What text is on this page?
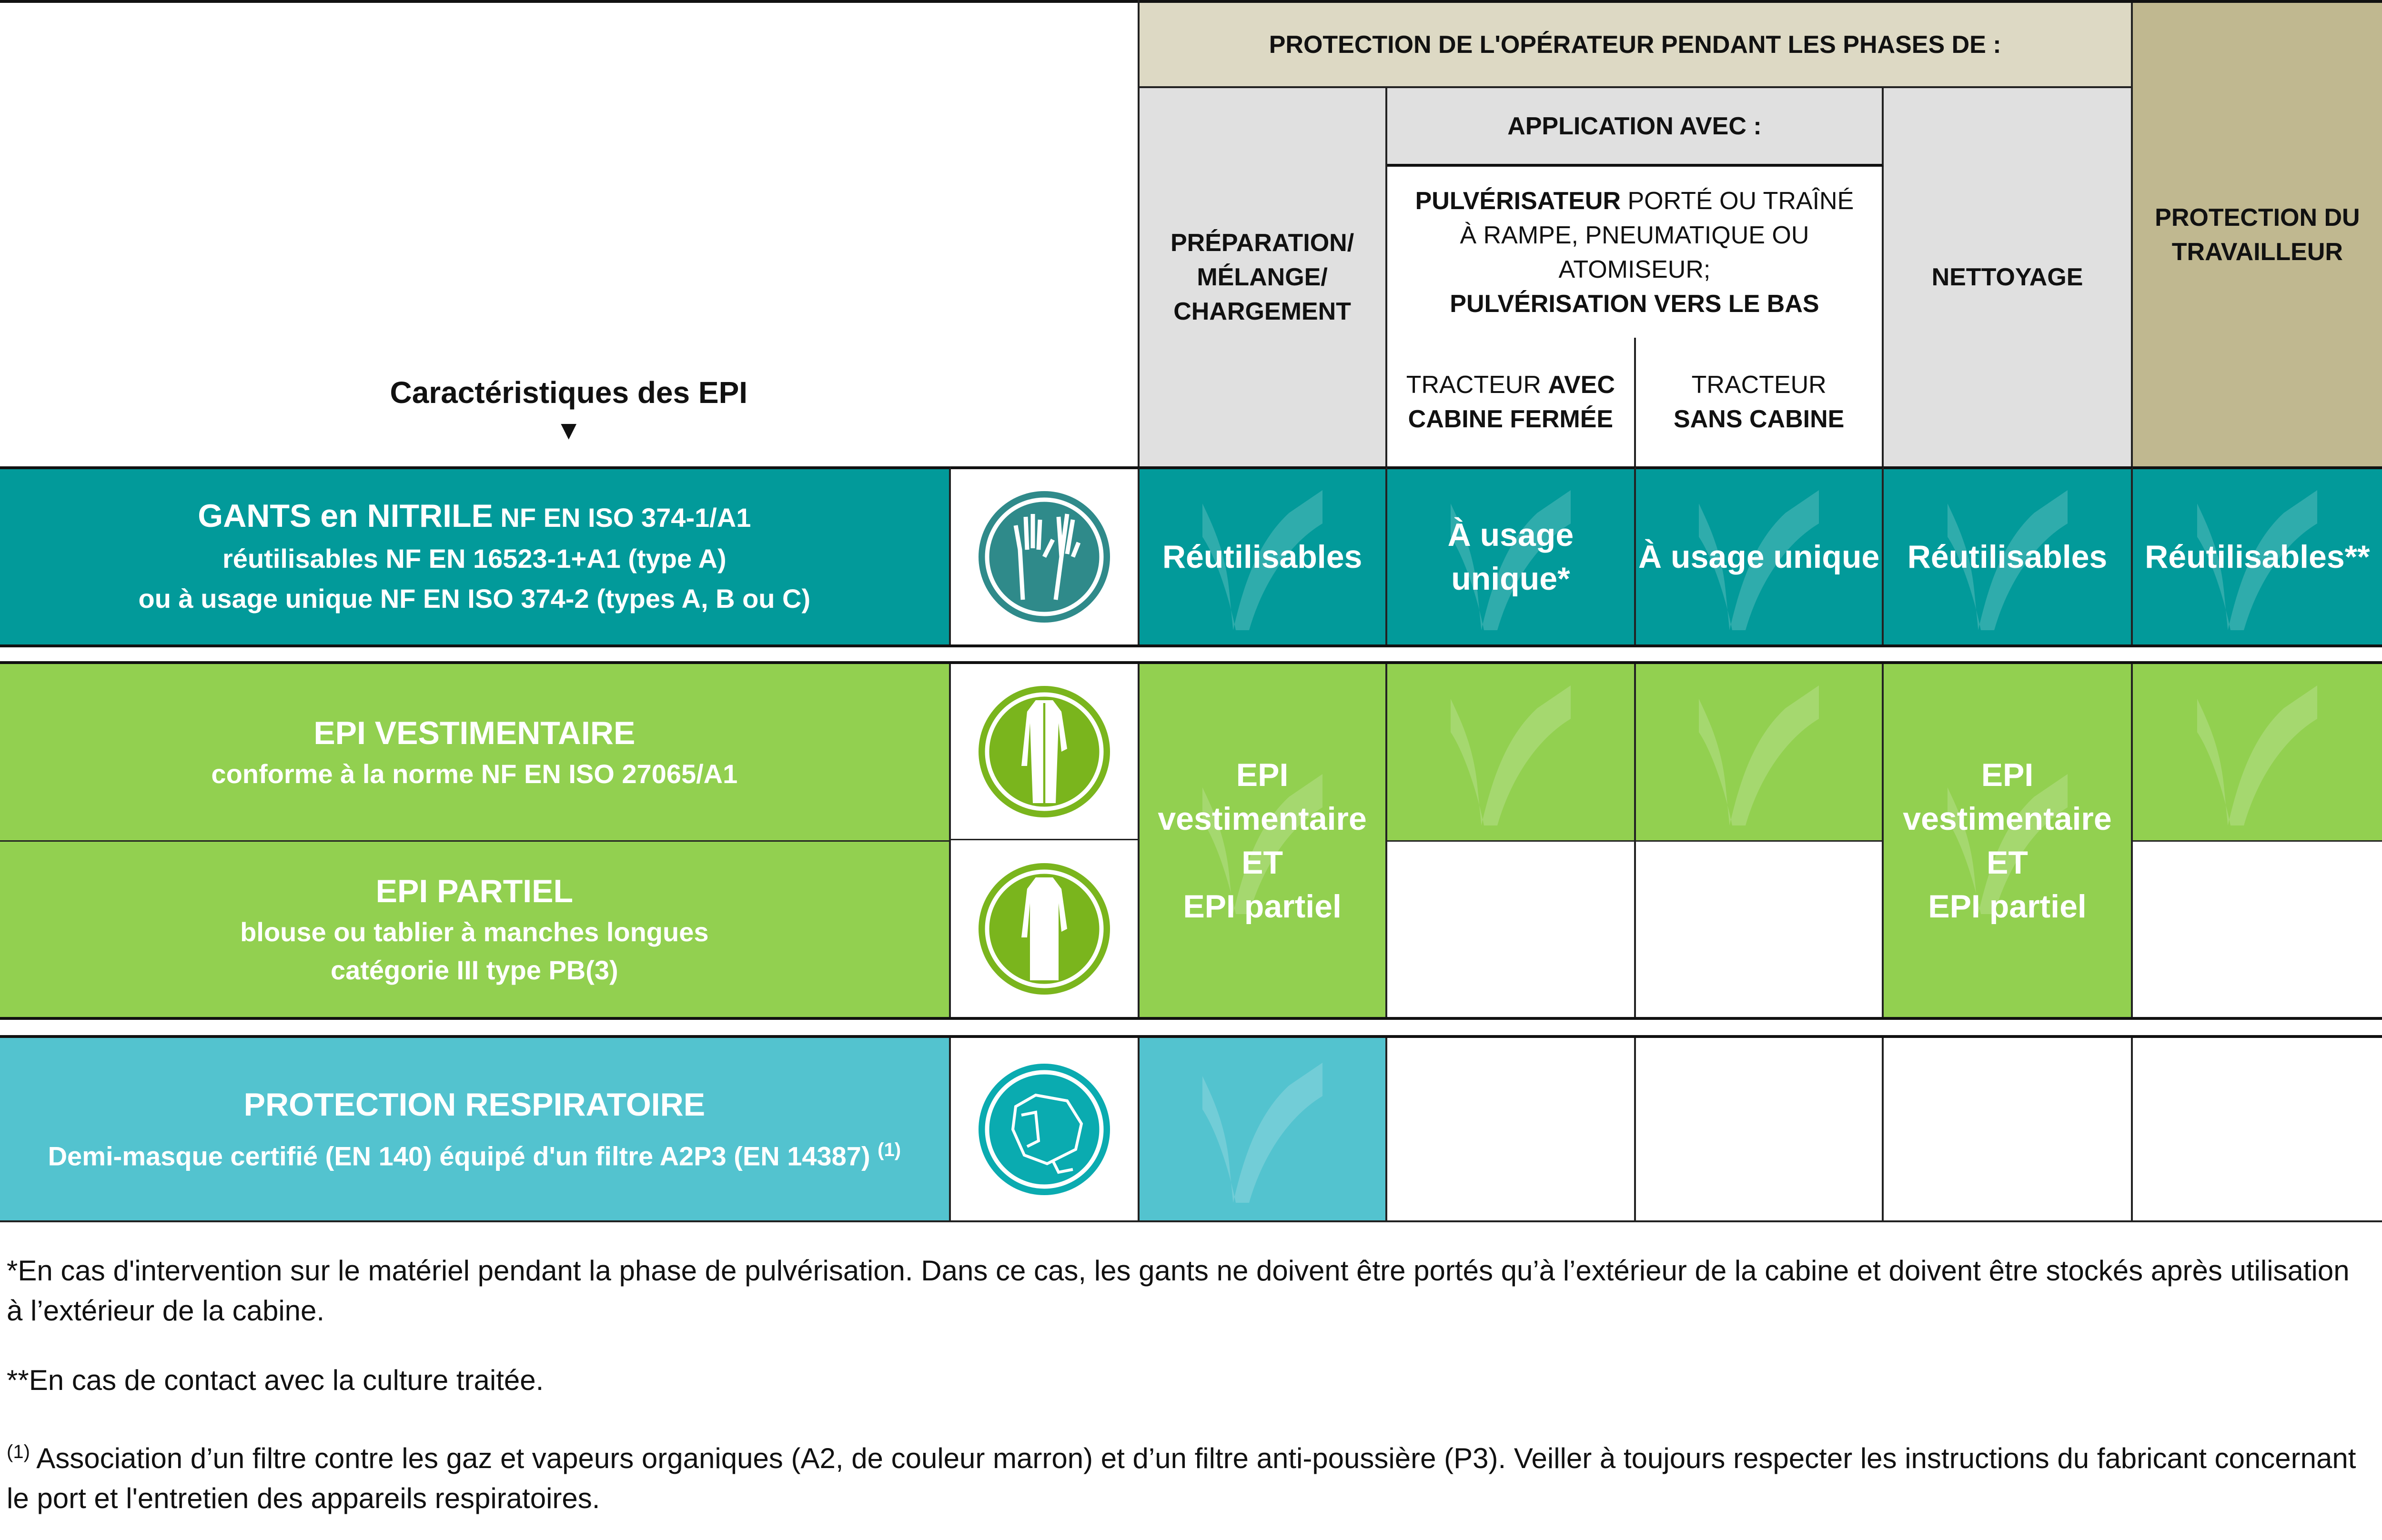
Caractéristiques des EPI
▼
PROTECTION DE L'OPÉRATEUR PENDANT LES PHASES DE :
PROTECTION DU
TRAVAILLEUR
PRÉPARATION/
MÉLANGE/
CHARGEMENT
APPLICATION AVEC :
PULVÉRISATEUR PORTÉ OU TRAÎNÉ
À RAMPE, PNEUMATIQUE OU ATOMISEUR;
PULVÉRISATION VERS LE BAS
TRACTEUR AVEC
CABINE FERMÉE
TRACTEUR
SANS CABINE
NETTOYAGE
GANTS en NITRILE NF EN ISO 374-1/A1
réutilisables NF EN 16523-1+A1 (type A)
ou à usage unique NF EN ISO 374-2 (types A, B ou C)
Réutilisables
À usage unique*
À usage unique Réutilisables Réutilisables**
EPI VESTIMENTAIRE
conforme à la norme NF EN ISO 27065/A1
EPI PARTIEL
blouse ou tablier à manches longues
catégorie III type PB(3)
EPI vestimentaire
ET
EPI partiel
EPI vestimentaire
ET
EPI partiel
PROTECTION RESPIRATOIRE
Demi-masque certifié (EN 140) équipé d'un filtre A2P3 (EN 14387) $^{(1)}$
*En cas d'intervention sur le matériel pendant la phase de pulvérisation. Dans ce cas, les gants ne doivent être portés qu’à l’extérieur de la cabine et doivent être stockés après utilisation à l’extérieur de la cabine.
**En cas de contact avec la culture traitée.
$^{(1)}$ Association d’un filtre contre les gaz et vapeurs organiques (A2, de couleur marron) et d’un filtre anti-poussière (P3). Veiller à toujours respecter les instructions du fabricant concernant le port et l'entretien des appareils respiratoires.
